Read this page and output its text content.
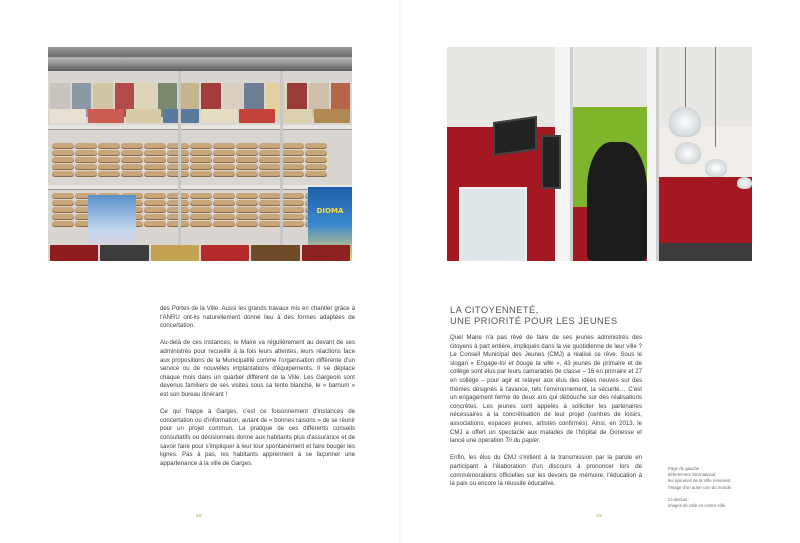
DIOMA

des Portes de la Ville. Aussi les grands travaux mis en chantier grâce à l'ANRU ont-ils naturellement donné lieu à des formes adaptées de concertation.

Au-delà de ces instances, le Maire va régulièrement au devant de ses administrés pour recueillir à la fois leurs attentes, leurs réactions face aux propositions de la Municipalité comme l'organisation différente d'un service ou de nouvelles implantations d'équipements. Il se déplace chaque mois dans un quartier différent de la Ville. Les Gargeois sont devenus familiers de ses visites sous sa tente blanche, le « barnum » est son bureau itinérant !

Ce qui frappe à Garges, c'est ce foisonnement d'instances de concertation ou d'information, autant de « bonnes raisons » de se réunir pour un projet commun. La pratique de ces différents conseils consultatifs ou décisionnels donne aux habitants plus d'assurance et de savoir faire pour s'impliquer à leur tour spontanément et faire bouger les lignes. Pas à pas, les habitants apprennent à se façonner une appartenance à la ville de Garges.

LA CITOYENNETÉ,
UNE PRIORITÉ POUR LES JEUNES

Quel Maire n'a pas rêvé de faire de ses jeunes administrés des citoyens à part entière, impliqués dans la vie quotidienne de leur ville ? Le Conseil Municipal des Jeunes (CMJ) a réalisé ce rêve. Sous le slogan « Engage-toi et bouge ta ville », 43 jeunes de primaire et de collège sont élus par leurs camarades de classe – 16 en primaire et 27 en collège – pour agir et relayer aux élus des idées neuves sur des thèmes désignés à l'avance, tels l'environnement, la sécurité… C'est un engagement ferme de deux ans qui débouche sur des réalisations concrètes. Les jeunes sont appelés à solliciter les partenaires nécessaires à la concrétisation de leur projet (centres de loisirs, associations, espaces jeunes, artistes confirmés). Ainsi, en 2013, le CMJ a offert un spectacle aux malades de l'hôpital de Gonesse et lancé une opération Tri du papier.

Enfin, les élus du CMJ s'initient à la transmission par la parole en participant à l'élaboration d'un discours à prononcer lors de commémorations officielles sur les devoirs de mémoire, l'éducation à la paix ou encore la réussite éducative.

Page de gauche :
déferlement international,
les épiceries de la Ville renvoient
l'image d'un autre coin du monde.

Ci-dessus :
images de café en centre-ville.

28	29
